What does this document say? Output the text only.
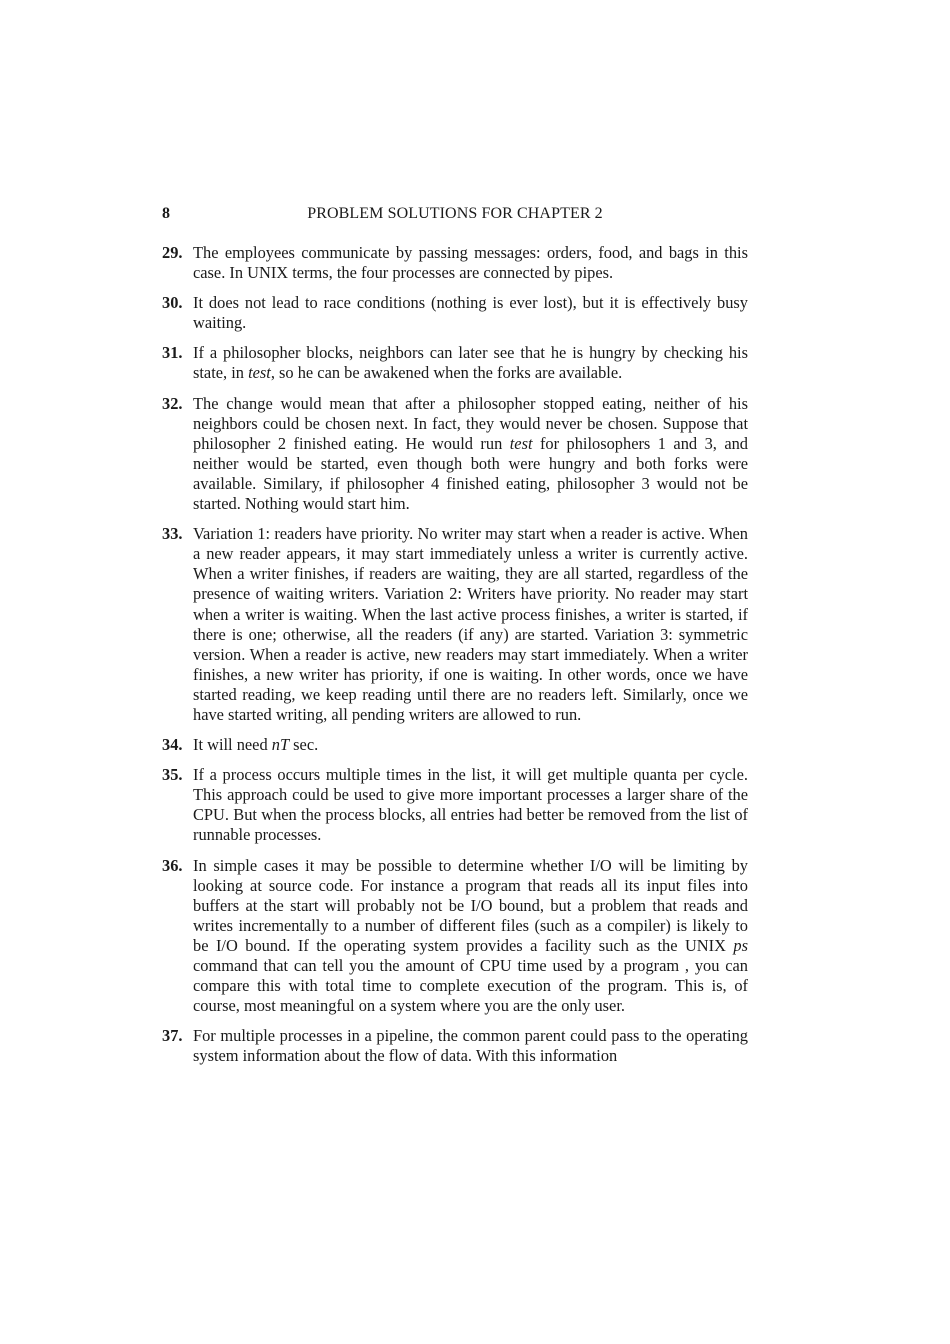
8	PROBLEM SOLUTIONS FOR CHAPTER 2
29. The employees communicate by passing messages: orders, food, and bags in this case. In UNIX terms, the four processes are connected by pipes.
30. It does not lead to race conditions (nothing is ever lost), but it is effectively busy waiting.
31. If a philosopher blocks, neighbors can later see that he is hungry by checking his state, in test, so he can be awakened when the forks are available.
32. The change would mean that after a philosopher stopped eating, neither of his neighbors could be chosen next. In fact, they would never be chosen. Suppose that philosopher 2 finished eating. He would run test for philosophers 1 and 3, and neither would be started, even though both were hungry and both forks were available. Similary, if philosopher 4 finished eating, philosopher 3 would not be started. Nothing would start him.
33. Variation 1: readers have priority. No writer may start when a reader is active. When a new reader appears, it may start immediately unless a writer is currently active. When a writer finishes, if readers are waiting, they are all started, regardless of the presence of waiting writers. Variation 2: Writers have priority. No reader may start when a writer is waiting. When the last active process finishes, a writer is started, if there is one; otherwise, all the readers (if any) are started. Variation 3: symmetric version. When a reader is active, new readers may start immediately. When a writer finishes, a new writer has priority, if one is waiting. In other words, once we have started reading, we keep reading until there are no readers left. Similarly, once we have started writing, all pending writers are allowed to run.
34. It will need nT sec.
35. If a process occurs multiple times in the list, it will get multiple quanta per cycle. This approach could be used to give more important processes a larger share of the CPU. But when the process blocks, all entries had better be removed from the list of runnable processes.
36. In simple cases it may be possible to determine whether I/O will be limiting by looking at source code. For instance a program that reads all its input files into buffers at the start will probably not be I/O bound, but a problem that reads and writes incrementally to a number of different files (such as a compiler) is likely to be I/O bound. If the operating system provides a facility such as the UNIX ps command that can tell you the amount of CPU time used by a program , you can compare this with total time to complete execution of the program. This is, of course, most meaningful on a system where you are the only user.
37. For multiple processes in a pipeline, the common parent could pass to the operating system information about the flow of data. With this information
